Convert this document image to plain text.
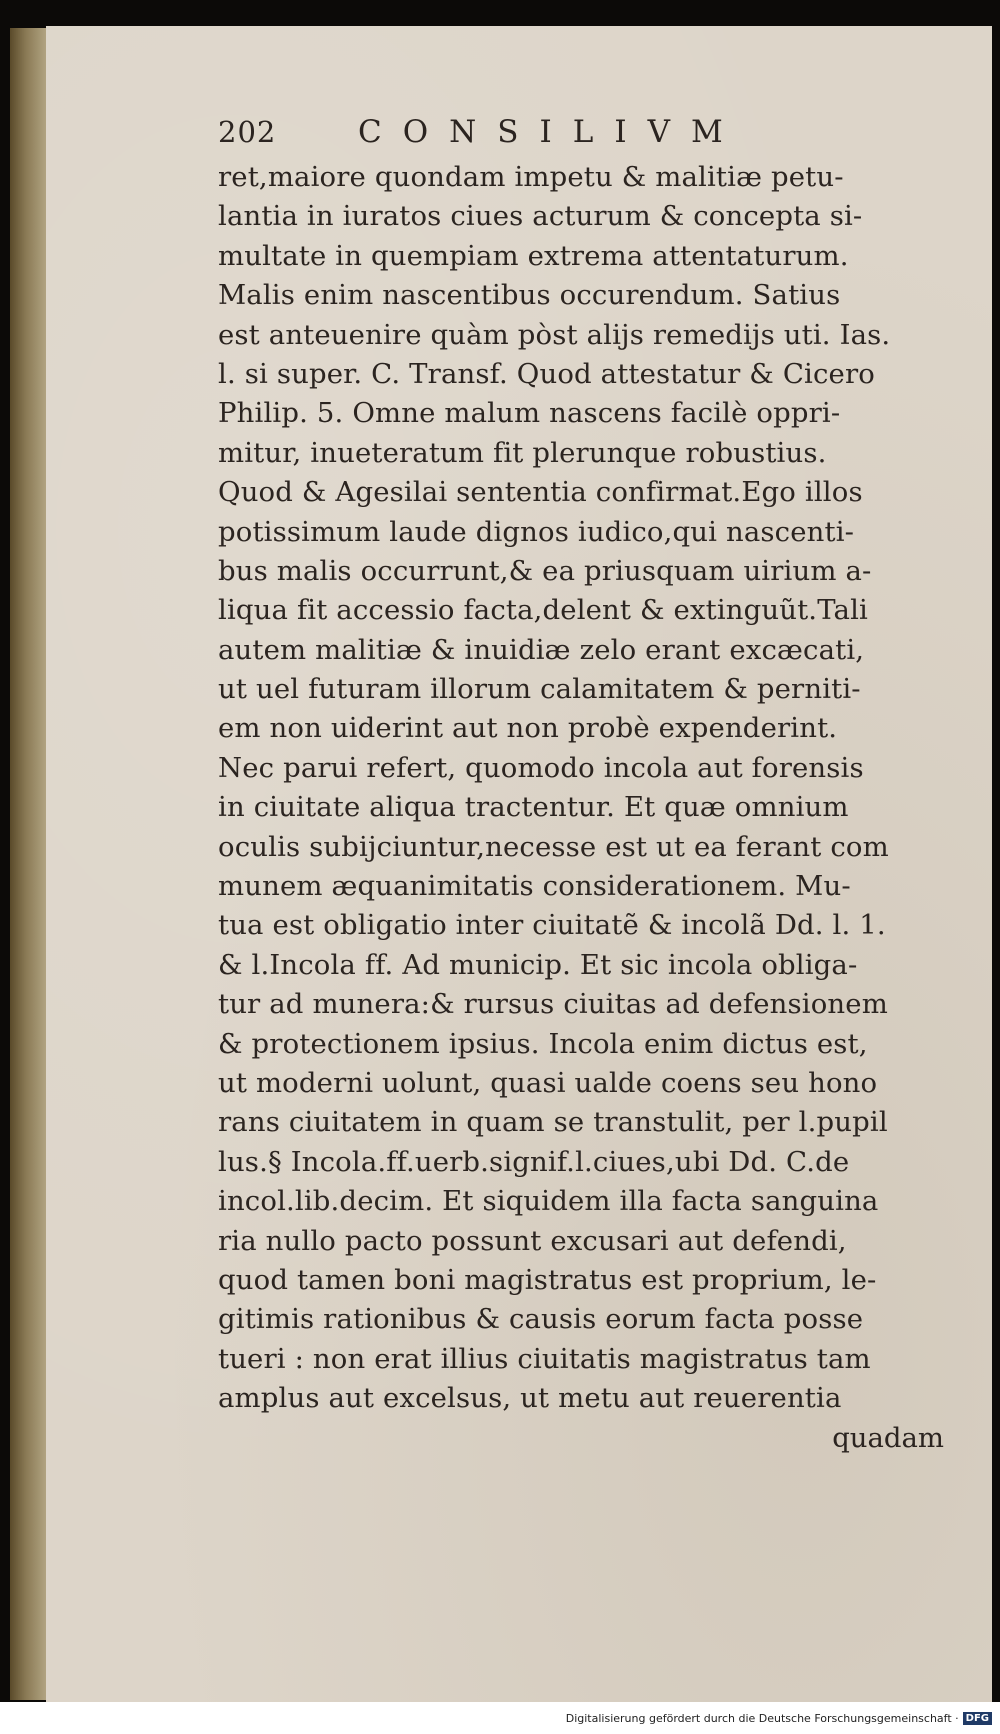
202	CONSILIVM
ret,maiore quondam impetu & malitiæ petu-
lantia in iuratos ciues acturum & concepta si-
multate in quempiam extrema attentaturum.
Malis enim nascentibus occurendum. Satius
est anteuenire quàm pòst alijs remedijs uti. Ias.
l. si super. C. Transf. Quod attestatur & Cicero
Philip. 5. Omne malum nascens facilè oppri-
mitur, inueteratum fit plerunque robustius.
Quod & Agesilai sententia confirmat.Ego illos
potissimum laude dignos iudico,qui nascenti-
bus malis occurrunt,& ea priusquam uirium a-
liqua fit accessio facta,delent & extinguũt.Tali
autem malitiæ & inuidiæ zelo erant excæcati,
ut uel futuram illorum calamitatem & perniti-
em non uiderint aut non probè expenderint.
Nec parui refert, quomodo incola aut forensis
in ciuitate aliqua tractentur. Et quæ omnium
oculis subijciuntur,necesse est ut ea ferant com
munem æquanimitatis considerationem. Mu-
tua est obligatio inter ciuitatẽ & incolã Dd. l. 1.
& l.Incola ff. Ad municip. Et sic incola obliga-
tur ad munera:& rursus ciuitas ad defensionem
& protectionem ipsius. Incola enim dictus est,
ut moderni uolunt, quasi ualde coens seu hono
rans ciuitatem in quam se transtulit, per l.pupil
lus.§ Incola.ff.uerb.signif.l.ciues,ubi Dd. C.de
incol.lib.decim. Et siquidem illa facta sanguina
ria nullo pacto possunt excusari aut defendi,
quod tamen boni magistratus est proprium, le-
gitimis rationibus & causis eorum facta posse
tueri : non erat illius ciuitatis magistratus tam
amplus aut excelsus, ut metu aut reuerentia
quadam
Digitalisierung gefördert durch die Deutsche Forschungsgemeinschaft · DFG
